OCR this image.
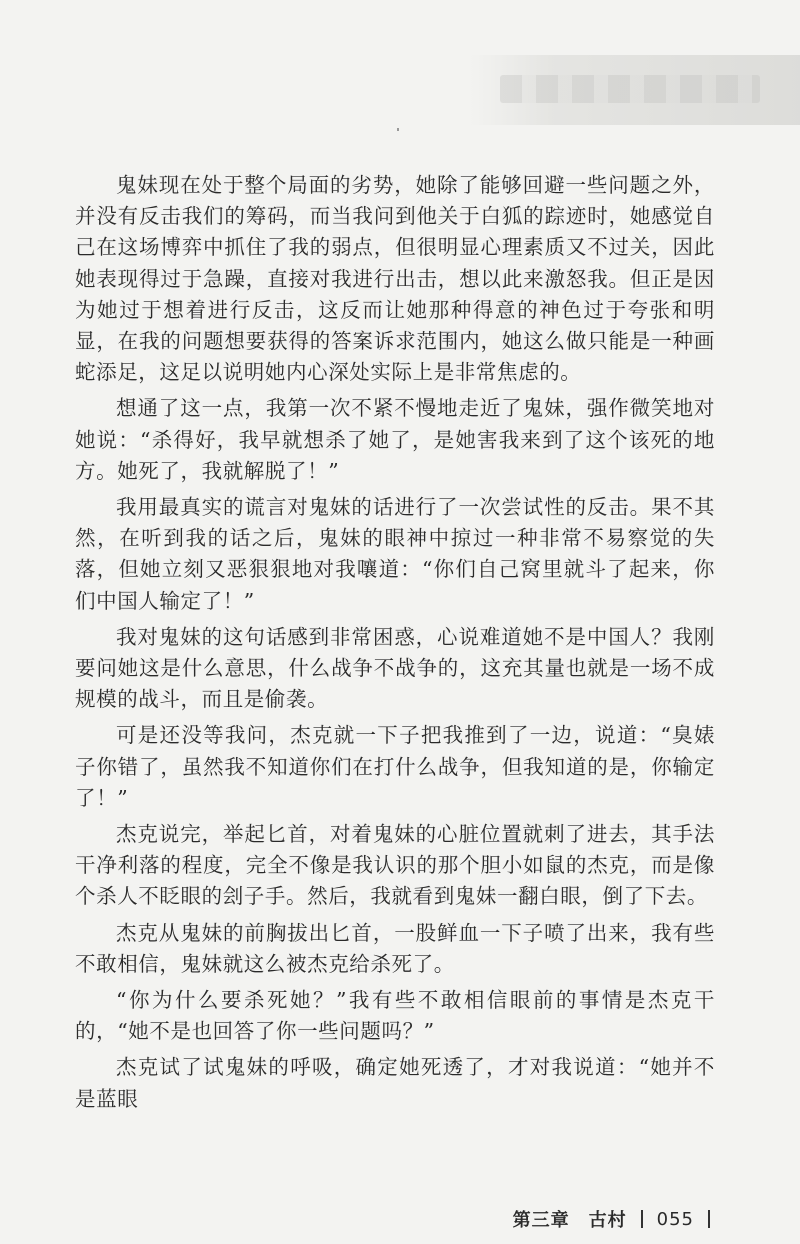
鬼妹现在处于整个局面的劣势，她除了能够回避一些问题之外，并没有反击我们的筹码，而当我问到他关于白狐的踪迹时，她感觉自己在这场博弈中抓住了我的弱点，但很明显心理素质又不过关，因此她表现得过于急躁，直接对我进行出击，想以此来激怒我。但正是因为她过于想着进行反击，这反而让她那种得意的神色过于夸张和明显，在我的问题想要获得的答案诉求范围内，她这么做只能是一种画蛇添足，这足以说明她内心深处实际上是非常焦虑的。

想通了这一点，我第一次不紧不慢地走近了鬼妹，强作微笑地对她说：“杀得好，我早就想杀了她了，是她害我来到了这个该死的地方。她死了，我就解脱了！”

我用最真实的谎言对鬼妹的话进行了一次尝试性的反击。果不其然，在听到我的话之后，鬼妹的眼神中掠过一种非常不易察觉的失落，但她立刻又恶狠狠地对我嚷道：“你们自己窝里就斗了起来，你们中国人输定了！”

我对鬼妹的这句话感到非常困惑，心说难道她不是中国人？我刚要问她这是什么意思，什么战争不战争的，这充其量也就是一场不成规模的战斗，而且是偷袭。

可是还没等我问，杰克就一下子把我推到了一边，说道：“臭婊子你错了，虽然我不知道你们在打什么战争，但我知道的是，你输定了！”

杰克说完，举起匕首，对着鬼妹的心脏位置就刺了进去，其手法干净利落的程度，完全不像是我认识的那个胆小如鼠的杰克，而是像个杀人不眨眼的刽子手。然后，我就看到鬼妹一翻白眼，倒了下去。

杰克从鬼妹的前胸拔出匕首，一股鲜血一下子喷了出来，我有些不敢相信，鬼妹就这么被杰克给杀死了。

“你为什么要杀死她？”我有些不敢相信眼前的事情是杰克干的，“她不是也回答了你一些问题吗？”

杰克试了试鬼妹的呼吸，确定她死透了，才对我说道：“她并不是蓝眼

第三章　古村 055
